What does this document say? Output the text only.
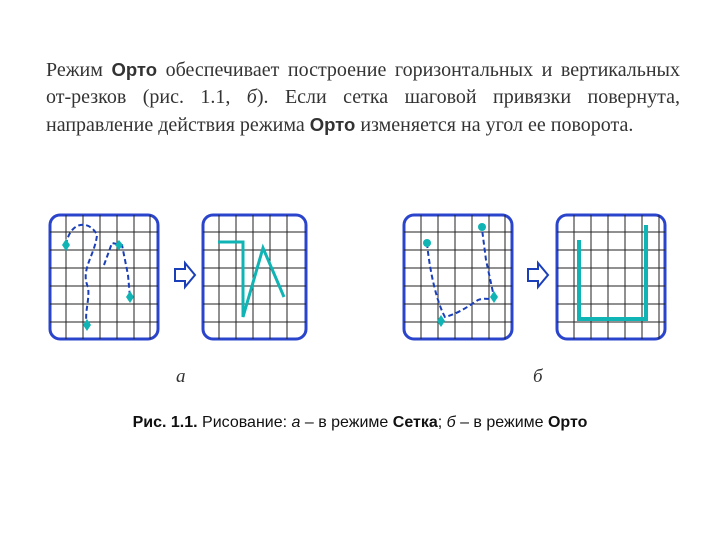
Режим Орто обеспечивает построение горизонтальных и вертикальных от-резков (рис. 1.1, б). Если сетка шаговой привязки повернута, направление действия режима Орто изменяется на угол ее поворота.
а	б
Рис. 1.1. Рисование: а – в режиме Сетка; б – в режиме Орто
